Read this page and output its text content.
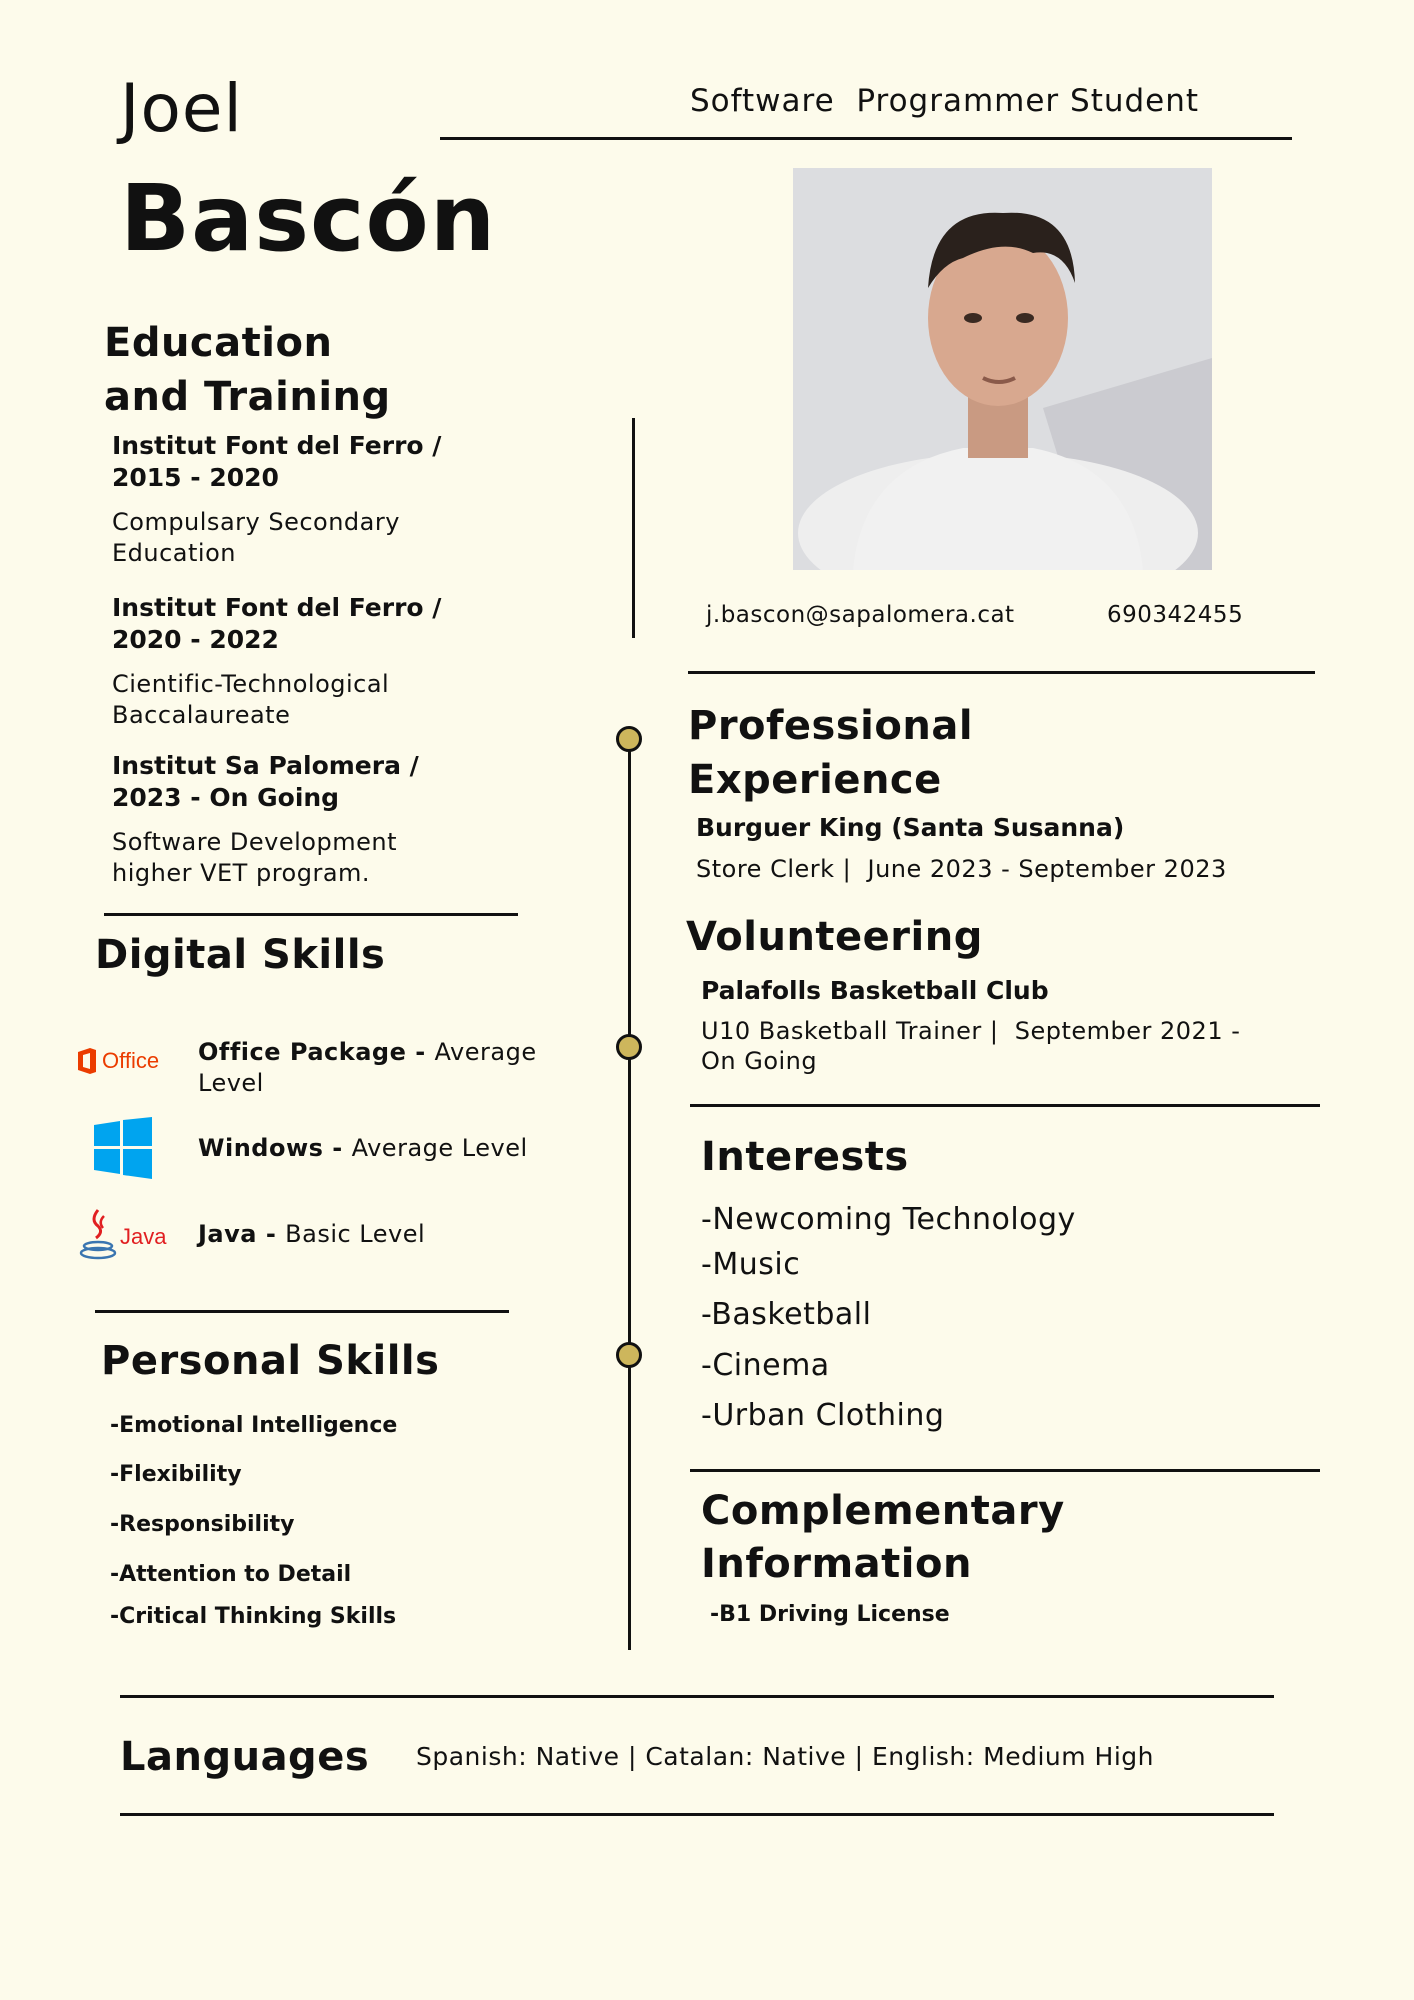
Joel
Bascón
Software  Programmer Student
j.bascon@sapalomera.cat	690342455
Education
and Training
Institut Font del Ferro /
2015 - 2020
Compulsary Secondary
Education
Institut Font del Ferro /
2020 - 2022
Cientific-Technological
Baccalaureate
Institut Sa Palomera /
2023 - On Going
Software Development
higher VET program.
Digital Skills
Office Office Package - Average
Level
Windows - Average Level
Java Java - Basic Level
Personal Skills
-Emotional Intelligence
-Flexibility
-Responsibility
-Attention to Detail
-Critical Thinking Skills
Professional
Experience
Burguer King (Santa Susanna)
Store Clerk |  June 2023 - September 2023
Volunteering
Palafolls Basketball Club
U10 Basketball Trainer |  September 2021 -
On Going
Interests
-Newcoming Technology
-Music
-Basketball
-Cinema
-Urban Clothing
Complementary
Information
-B1 Driving License
Languages Spanish: Native | Catalan: Native | English: Medium High
